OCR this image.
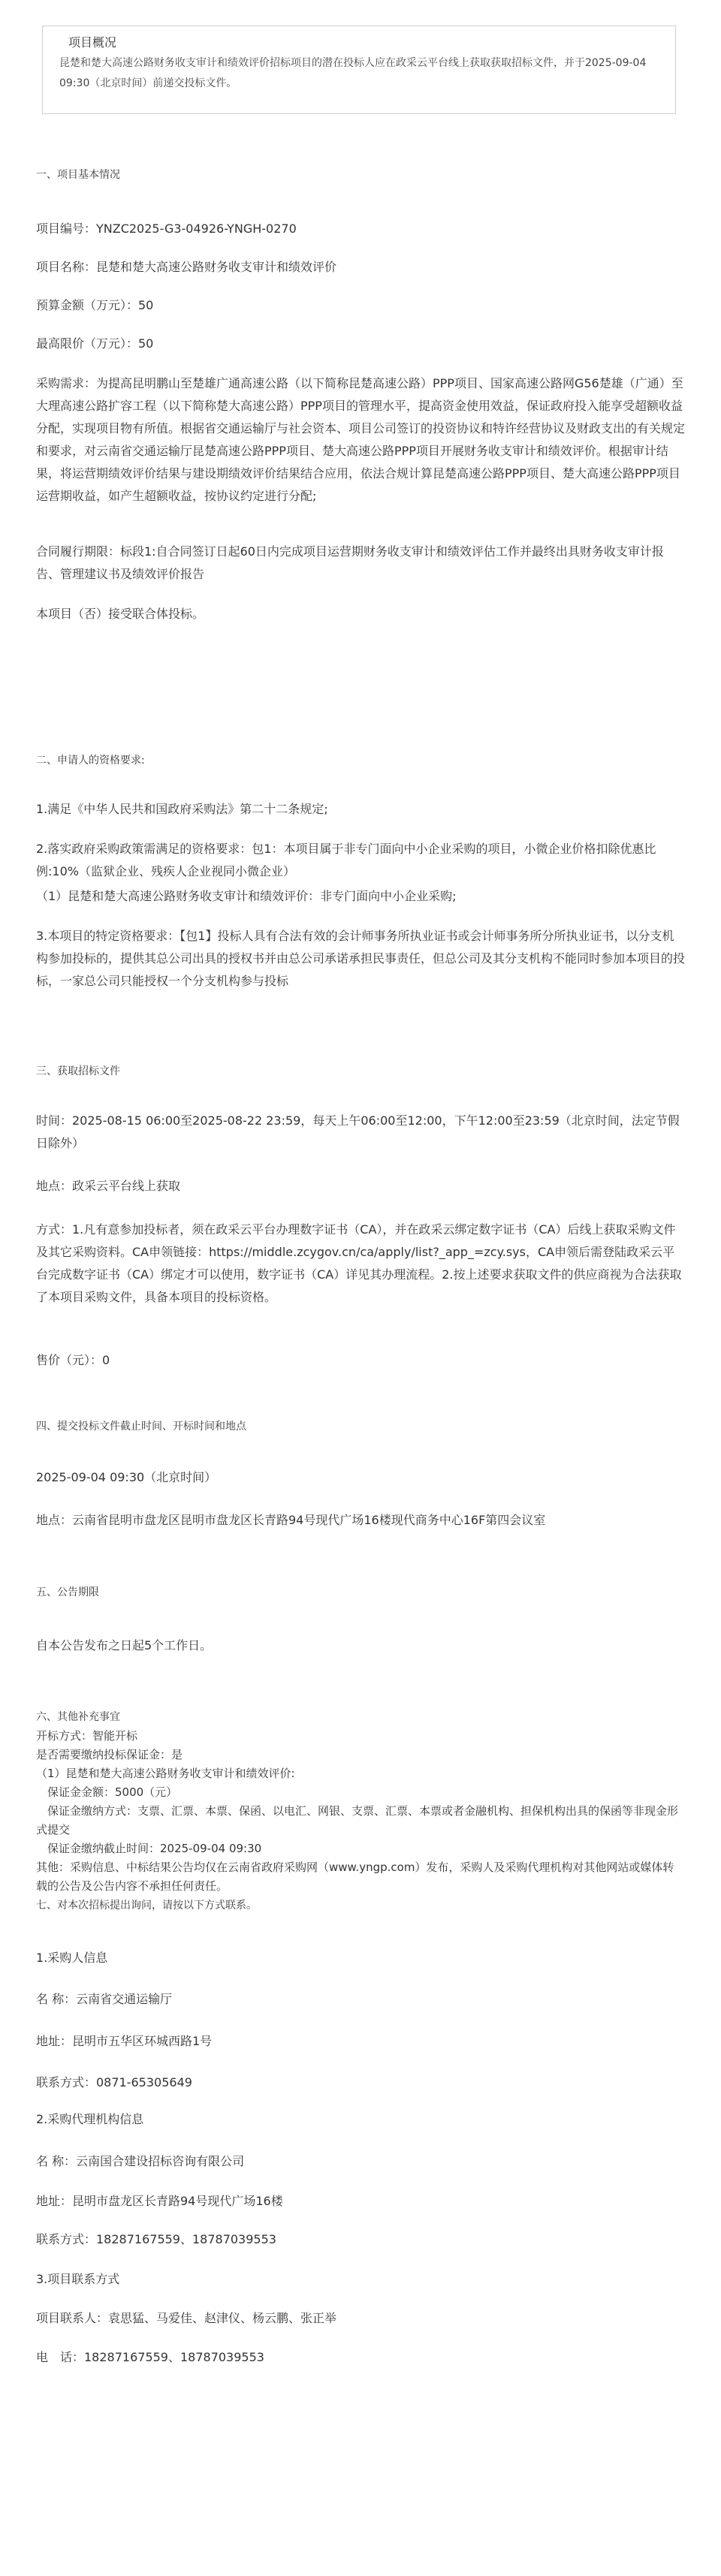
项目概况
昆楚和楚大高速公路财务收支审计和绩效评价招标项目的潜在投标人应在政采云平台线上获取获取招标文件，并于2025-09-04 09:30（北京时间）前递交投标文件。
一、项目基本情况
项目编号：YNZC2025-G3-04926-YNGH-0270
项目名称：昆楚和楚大高速公路财务收支审计和绩效评价
预算金额（万元）：50
最高限价（万元）：50
采购需求：为提高昆明鹏山至楚雄广通高速公路（以下简称昆楚高速公路）PPP项目、国家高速公路网G56楚雄（广通）至大理高速公路扩容工程（以下简称楚大高速公路）PPP项目的管理水平，提高资金使用效益，保证政府投入能享受超额收益分配，实现项目物有所值。根据省交通运输厅与社会资本、项目公司签订的投资协议和特许经营协议及财政支出的有关规定和要求，对云南省交通运输厅昆楚高速公路PPP项目、楚大高速公路PPP项目开展财务收支审计和绩效评价。根据审计结果，将运营期绩效评价结果与建设期绩效评价结果结合应用，依法合规计算昆楚高速公路PPP项目、楚大高速公路PPP项目运营期收益，如产生超额收益，按协议约定进行分配;
合同履行期限：标段1:自合同签订日起60日内完成项目运营期财务收支审计和绩效评估工作并最终出具财务收支审计报告、管理建议书及绩效评价报告
本项目（否）接受联合体投标。
二、申请人的资格要求:
1.满足《中华人民共和国政府采购法》第二十二条规定;
2.落实政府采购政策需满足的资格要求：包1：本项目属于非专门面向中小企业采购的项目，小微企业价格扣除优惠比例:10%（监狱企业、残疾人企业视同小微企业）
（1）昆楚和楚大高速公路财务收支审计和绩效评价：非专门面向中小企业采购;
3.本项目的特定资格要求：【包1】投标人具有合法有效的会计师事务所执业证书或会计师事务所分所执业证书，以分支机构参加投标的，提供其总公司出具的授权书并由总公司承诺承担民事责任，但总公司及其分支机构不能同时参加本项目的投标，一家总公司只能授权一个分支机构参与投标
三、获取招标文件
时间：2025-08-15 06:00至2025-08-22 23:59，每天上午06:00至12:00，下午12:00至23:59（北京时间，法定节假日除外）
地点：政采云平台线上获取
方式：1.凡有意参加投标者，须在政采云平台办理数字证书（CA），并在政采云绑定数字证书（CA）后线上获取采购文件及其它采购资料。CA申领链接：https://middle.zcygov.cn/ca/apply/list?_app_=zcy.sys，CA申领后需登陆政采云平台完成数字证书（CA）绑定才可以使用，数字证书（CA）详见其办理流程。2.按上述要求获取文件的供应商视为合法获取了本项目采购文件，具备本项目的投标资格。
售价（元）：0
四、提交投标文件截止时间、开标时间和地点
2025-09-04 09:30（北京时间）
地点：云南省昆明市盘龙区昆明市盘龙区长青路94号现代广场16楼现代商务中心16F第四会议室
五、公告期限
自本公告发布之日起5个工作日。
六、其他补充事宜
开标方式：智能开标
是否需要缴纳投标保证金：是
（1）昆楚和楚大高速公路财务收支审计和绩效评价:
　保证金金额：5000（元）
　保证金缴纳方式：支票、汇票、本票、保函、以电汇、网银、支票、汇票、本票或者金融机构、担保机构出具的保函等非现金形式提交
　保证金缴纳截止时间：2025-09-04 09:30
其他：采购信息、中标结果公告均仅在云南省政府采购网（www.yngp.com）发布，采购人及采购代理机构对其他网站或媒体转载的公告及公告内容不承担任何责任。
七、对本次招标提出询问，请按以下方式联系。
1.采购人信息
名 称：云南省交通运输厅
地址：昆明市五华区环城西路1号
联系方式：0871-65305649
2.采购代理机构信息
名 称：云南国合建设招标咨询有限公司
地址：昆明市盘龙区长青路94号现代广场16楼
联系方式：18287167559、18787039553
3.项目联系方式
项目联系人：袁思猛、马爱佳、赵津仪、杨云鹏、张正举
电　话：18287167559、18787039553
